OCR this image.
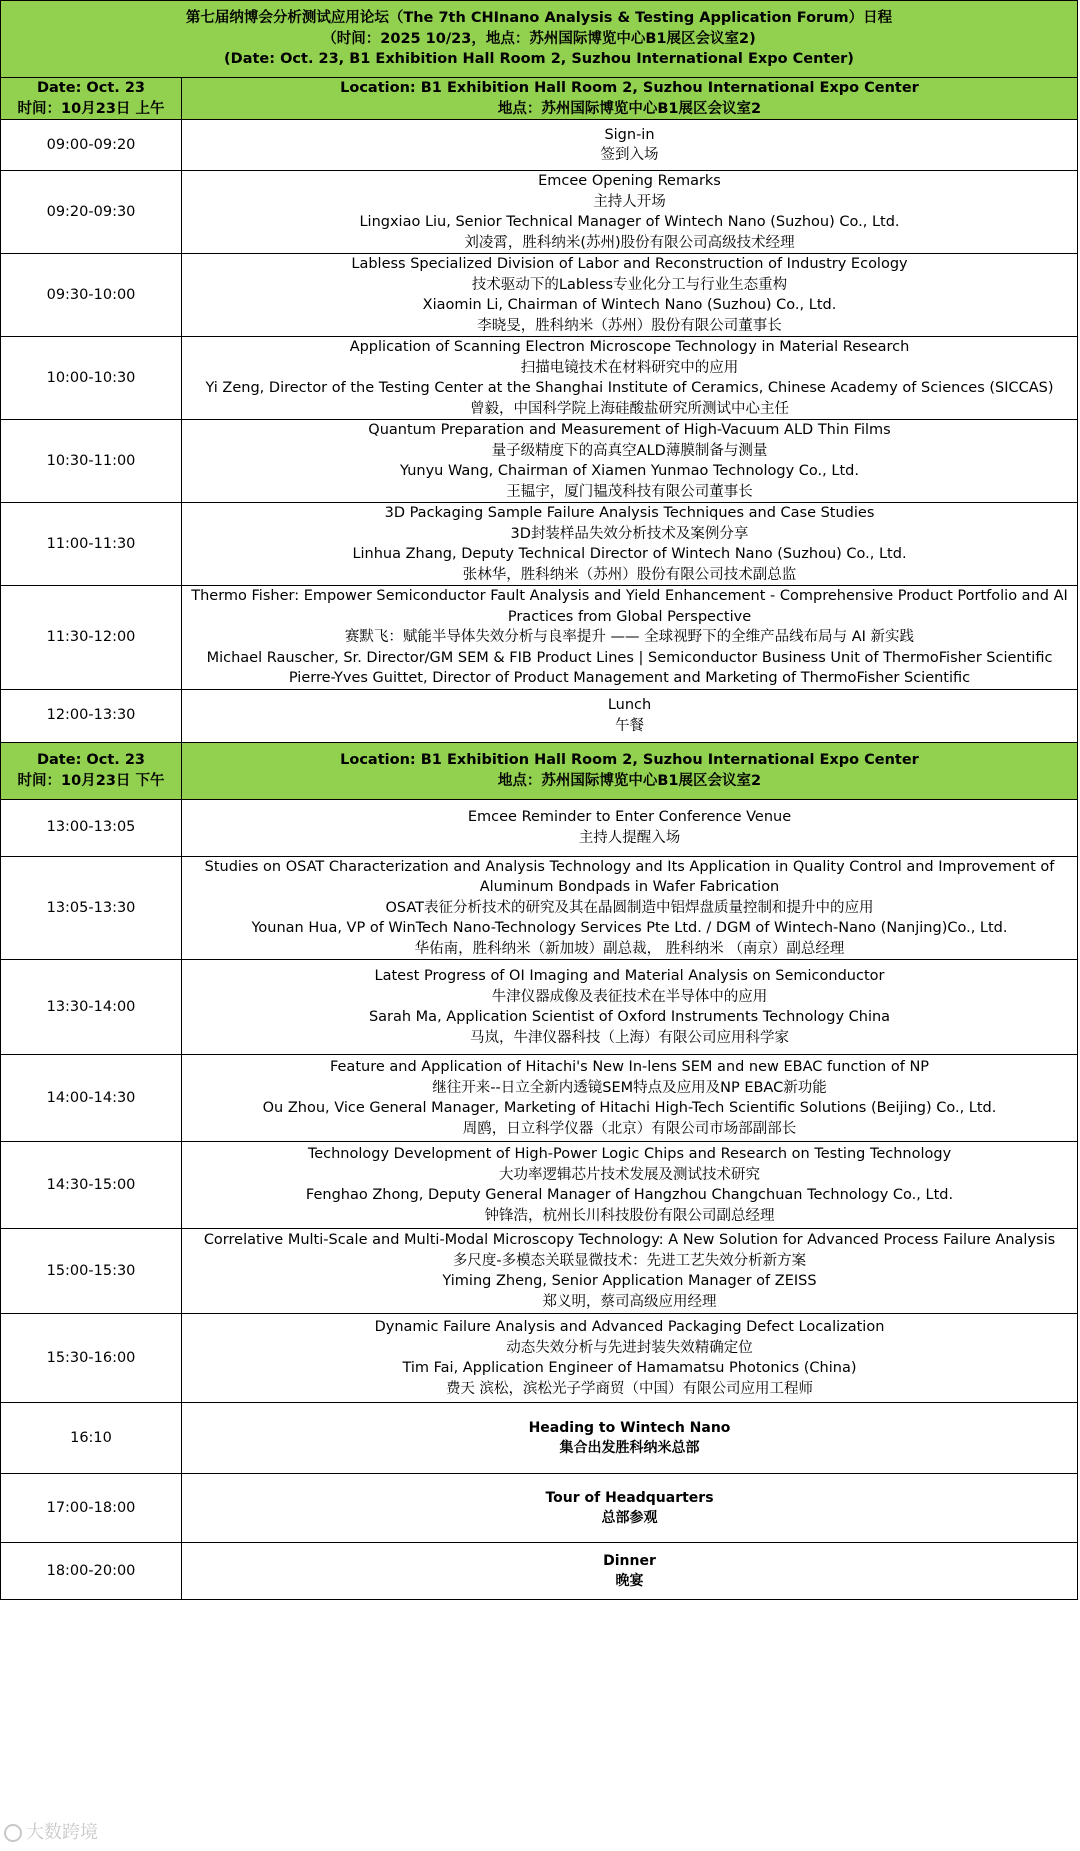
第七届纳博会分析测试应用论坛（The 7th CHInano Analysis & Testing Application Forum）日程
（时间：2025 10/23，地点：苏州国际博览中心B1展区会议室2)
(Date: Oct. 23, B1 Exhibition Hall Room 2, Suzhou International Expo Center)	

Date: Oct. 23
时间：10月23日 上午	Location: B1 Exhibition Hall Room 2, Suzhou International Expo Center
地点：苏州国际博览中心B1展区会议室2

09:00-09:20	Sign-in
签到入场

09:20-09:30	Emcee Opening Remarks
主持人开场
Lingxiao Liu, Senior Technical Manager of Wintech Nano (Suzhou) Co., Ltd.
刘凌霄，胜科纳米(苏州)股份有限公司高级技术经理

09:30-10:00	Labless Specialized Division of Labor and Reconstruction of Industry Ecology
技术驱动下的Labless专业化分工与行业生态重构
Xiaomin Li, Chairman of Wintech Nano (Suzhou) Co., Ltd.
李晓旻，胜科纳米（苏州）股份有限公司董事长

10:00-10:30	Application of Scanning Electron Microscope Technology in Material Research
扫描电镜技术在材料研究中的应用
Yi Zeng, Director of the Testing Center at the Shanghai Institute of Ceramics, Chinese Academy of Sciences (SICCAS)
曾毅，中国科学院上海硅酸盐研究所测试中心主任

10:30-11:00	Quantum Preparation and Measurement of High-Vacuum ALD Thin Films
量子级精度下的高真空ALD薄膜制备与测量
Yunyu Wang, Chairman of Xiamen Yunmao Technology Co., Ltd.
王韫宇，厦门韫茂科技有限公司董事长

11:00-11:30	3D Packaging Sample Failure Analysis Techniques and Case Studies
3D封装样品失效分析技术及案例分享
Linhua Zhang, Deputy Technical Director of Wintech Nano (Suzhou) Co., Ltd.
张林华，胜科纳米（苏州）股份有限公司技术副总监

11:30-12:00	Thermo Fisher: Empower Semiconductor Fault Analysis and Yield Enhancement - Comprehensive Product Portfolio and AI Practices from Global Perspective
赛默飞：赋能半导体失效分析与良率提升 —— 全球视野下的全维产品线布局与 AI 新实践
Michael Rauscher, Sr. Director/GM SEM & FIB Product Lines | Semiconductor Business Unit of ThermoFisher Scientific
Pierre-Yves Guittet, Director of Product Management and Marketing of ThermoFisher Scientific

12:00-13:30	Lunch
午餐

Date: Oct. 23
时间：10月23日 下午	Location: B1 Exhibition Hall Room 2, Suzhou International Expo Center
地点：苏州国际博览中心B1展区会议室2

13:00-13:05	Emcee Reminder to Enter Conference Venue
主持人提醒入场

13:05-13:30	Studies on OSAT Characterization and Analysis Technology and Its Application in Quality Control and Improvement of Aluminum Bondpads in Wafer Fabrication
OSAT表征分析技术的研究及其在晶圆制造中铝焊盘质量控制和提升中的应用
Younan Hua, VP of WinTech Nano-Technology Services Pte Ltd. / DGM of Wintech-Nano (Nanjing)Co., Ltd.
华佑南，胜科纳米（新加坡）副总裁， 胜科纳米 （南京）副总经理

13:30-14:00	Latest Progress of OI Imaging and Material Analysis on Semiconductor
牛津仪器成像及表征技术在半导体中的应用
Sarah Ma, Application Scientist of Oxford Instruments Technology China
马岚，牛津仪器科技（上海）有限公司应用科学家

14:00-14:30	Feature and Application of Hitachi's New In-lens SEM and new EBAC function of NP
继往开来--日立全新内透镜SEM特点及应用及NP EBAC新功能
Ou Zhou, Vice General Manager, Marketing of Hitachi High-Tech Scientific Solutions (Beijing) Co., Ltd.
周鸥，日立科学仪器（北京）有限公司市场部副部长

14:30-15:00	Technology Development of High-Power Logic Chips and Research on Testing Technology
大功率逻辑芯片技术发展及测试技术研究
Fenghao Zhong, Deputy General Manager of Hangzhou Changchuan Technology Co., Ltd.
钟锋浩，杭州长川科技股份有限公司副总经理

15:00-15:30	Correlative Multi-Scale and Multi-Modal Microscopy Technology: A New Solution for Advanced Process Failure Analysis
多尺度-多模态关联显微技术：先进工艺失效分析新方案
Yiming Zheng, Senior Application Manager of ZEISS
郑义明，蔡司高级应用经理

15:30-16:00	Dynamic Failure Analysis and Advanced Packaging Defect Localization
动态失效分析与先进封装失效精确定位
Tim Fai, Application Engineer of Hamamatsu Photonics (China)
费天 滨松，滨松光子学商贸（中国）有限公司应用工程师

16:10	Heading to Wintech Nano
集合出发胜科纳米总部

17:00-18:00	Tour of Headquarters
总部参观

18:00-20:00	Dinner
晚宴
大数跨境
